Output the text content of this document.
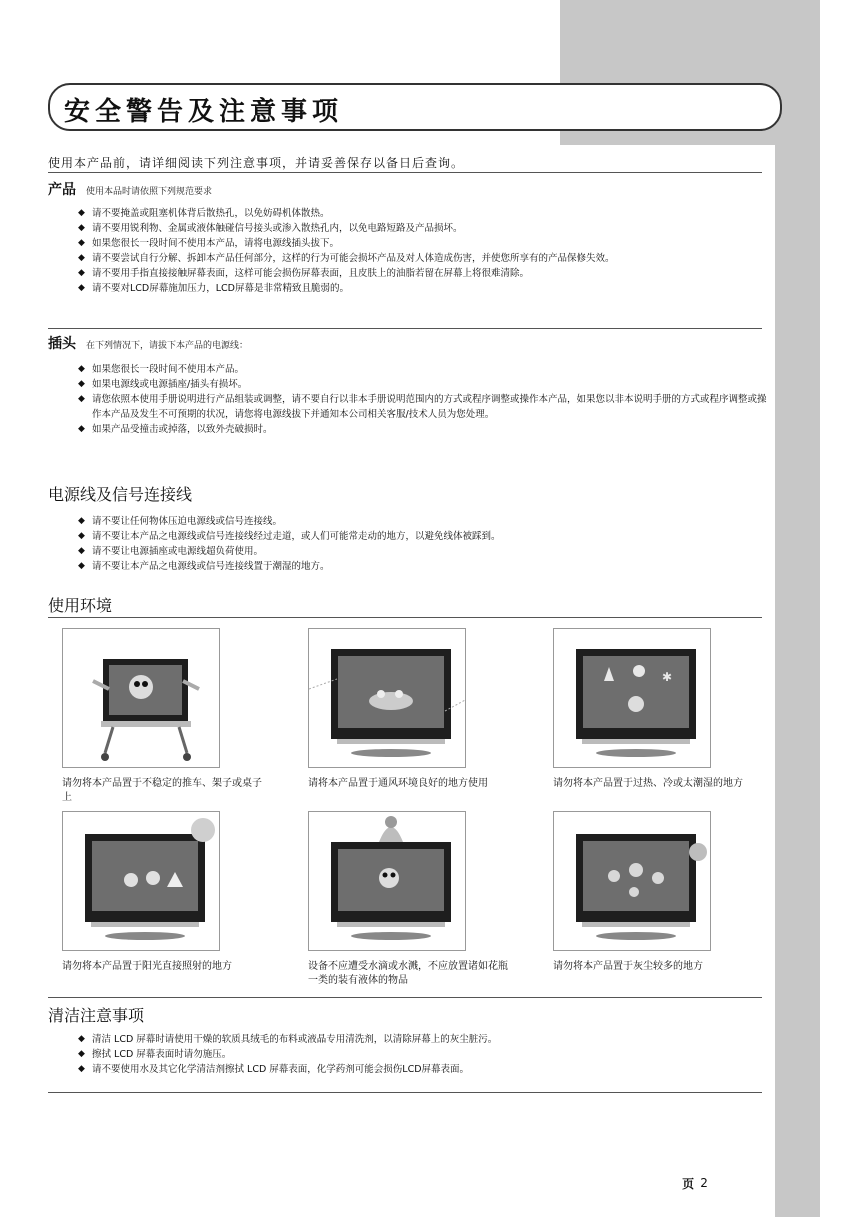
安全警告及注意事项
使用本产品前，请详细阅读下列注意事项，并请妥善保存以备日后查询。
产品 使用本品时请依照下列规范要求
◆ 请不要掩盖或阻塞机体背后散热孔，以免妨碍机体散热。
◆ 请不要用锐利物、金属或液体触碰信号接头或渗入散热孔内，以免电路短路及产品损坏。
◆ 如果您很长一段时间不使用本产品，请将电源线插头拔下。
◆ 请不要尝试自行分解、拆卸本产品任何部分，这样的行为可能会损坏产品及对人体造成伤害，并使您所享有的产品保修失效。
◆ 请不要用手指直接接触屏幕表面，这样可能会损伤屏幕表面，且皮肤上的油脂若留在屏幕上将很难清除。
◆ 请不要对LCD屏幕施加压力，LCD屏幕是非常精致且脆弱的。
插头 在下列情况下，请拔下本产品的电源线：
◆ 如果您很长一段时间不使用本产品。
◆ 如果电源线或电源插座/插头有损坏。
◆ 请您依照本使用手册说明进行产品组装或调整，请不要自行以非本手册说明范围内的方式或程序调整或操作本产品，如果您以非本说明手册的方式或程序调整或操作本产品及发生不可预期的状况，请您将电源线拔下并通知本公司相关客服/技术人员为您处理。
◆ 如果产品受撞击或掉落，以致外壳破损时。
电源线及信号连接线
◆ 请不要让任何物体压迫电源线或信号连接线。
◆ 请不要让本产品之电源线或信号连接线经过走道，或人们可能常走动的地方，以避免线体被踩到。
◆ 请不要让电源插座或电源线超负荷使用。
◆ 请不要让本产品之电源线或信号连接线置于潮湿的地方。
使用环境
✱
请勿将本产品置于不稳定的推车、架子或桌子上
请将本产品置于通风环境良好的地方使用	请勿将本产品置于过热、冷或太潮湿的地方
请勿将本产品置于阳光直接照射的地方	设备不应遭受水滴或水溅，不应放置诸如花瓶一类的装有液体的物品
请勿将本产品置于灰尘较多的地方
清洁注意事项
◆ 清洁 LCD 屏幕时请使用干燥的软质具绒毛的布料或液晶专用清洗剂，以清除屏幕上的灰尘脏污。
◆ 擦拭 LCD 屏幕表面时请勿施压。
◆ 请不要使用水及其它化学清洁剂擦拭 LCD 屏幕表面，化学药剂可能会损伤LCD屏幕表面。
页 2
